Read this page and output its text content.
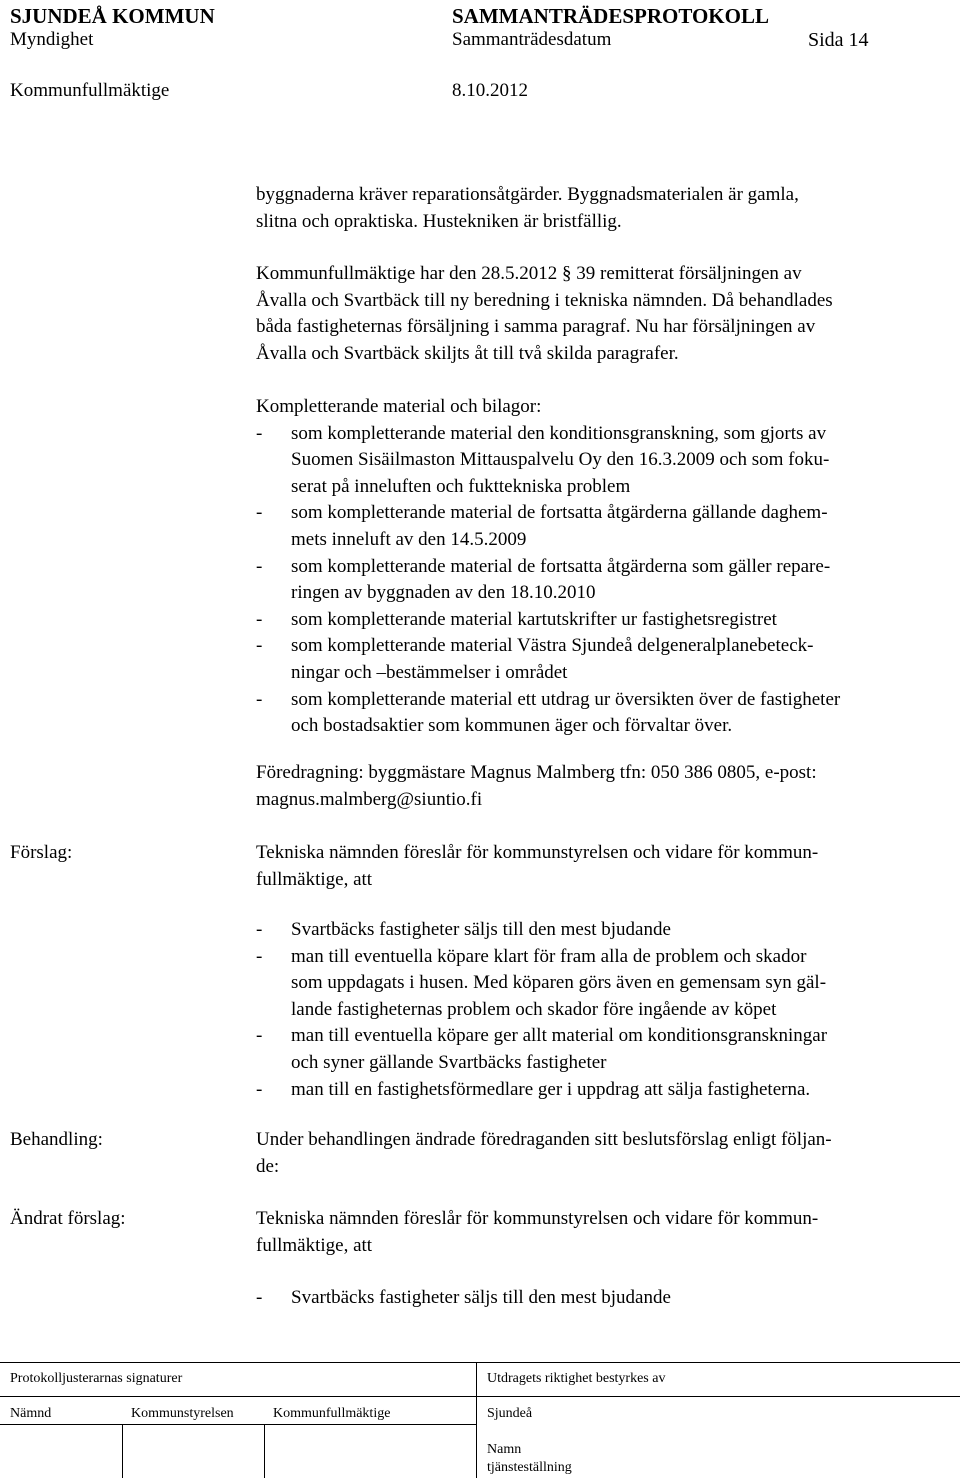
SJUNDEÅ KOMMUN	SAMMANTRÄDESPROTOKOLL
Myndighet	Sammanträdesdatum	Sida 14
Kommunfullmäktige	8.10.2012
byggnaderna kräver reparationsåtgärder. Byggnadsmaterialen är gamla,
slitna och opraktiska. Hustekniken är bristfällig.
Kommunfullmäktige har den 28.5.2012 § 39 remitterat försäljningen av
Åvalla och Svartbäck till ny beredning i tekniska nämnden. Då behandlades
båda fastigheternas försäljning i samma paragraf. Nu har försäljningen av
Åvalla och Svartbäck skiljts åt till två skilda paragrafer.
Kompletterande material och bilagor:
- som kompletterande material den konditionsgranskning, som gjorts av
Suomen Sisäilmaston Mittauspalvelu Oy den 16.3.2009 och som foku-
serat på inneluften och fukttekniska problem
- som kompletterande material de fortsatta åtgärderna gällande daghem-
mets inneluft av den 14.5.2009
- som kompletterande material de fortsatta åtgärderna som gäller repare-
ringen av byggnaden av den 18.10.2010
- som kompletterande material kartutskrifter ur fastighetsregistret
- som kompletterande material Västra Sjundeå delgeneralplanebeteck-
ningar och –bestämmelser i området
- som kompletterande material ett utdrag ur översikten över de fastigheter
och bostadsaktier som kommunen äger och förvaltar över.
Föredragning: byggmästare Magnus Malmberg tfn: 050 386 0805, e-post:
magnus.malmberg@siuntio.fi
Förslag:	Tekniska nämnden föreslår för kommunstyrelsen och vidare för kommun-
fullmäktige, att
- Svartbäcks fastigheter säljs till den mest bjudande
- man till eventuella köpare klart för fram alla de problem och skador
som uppdagats i husen. Med köparen görs även en gemensam syn gäl-
lande fastigheternas problem och skador före ingående av köpet
- man till eventuella köpare ger allt material om konditionsgranskningar
och syner gällande Svartbäcks fastigheter
- man till en fastighetsförmedlare ger i uppdrag att sälja fastigheterna.
Behandling:	Under behandlingen ändrade föredraganden sitt beslutsförslag enligt följan-
de:
Ändrat förslag:	Tekniska nämnden föreslår för kommunstyrelsen och vidare för kommun-
fullmäktige, att
- Svartbäcks fastigheter säljs till den mest bjudande
Protokolljusterarnas signaturer	Utdragets riktighet bestyrkes av
Nämnd	Kommunstyrelsen	Kommunfullmäktige	Sjundeå
Namn
tjänsteställning
